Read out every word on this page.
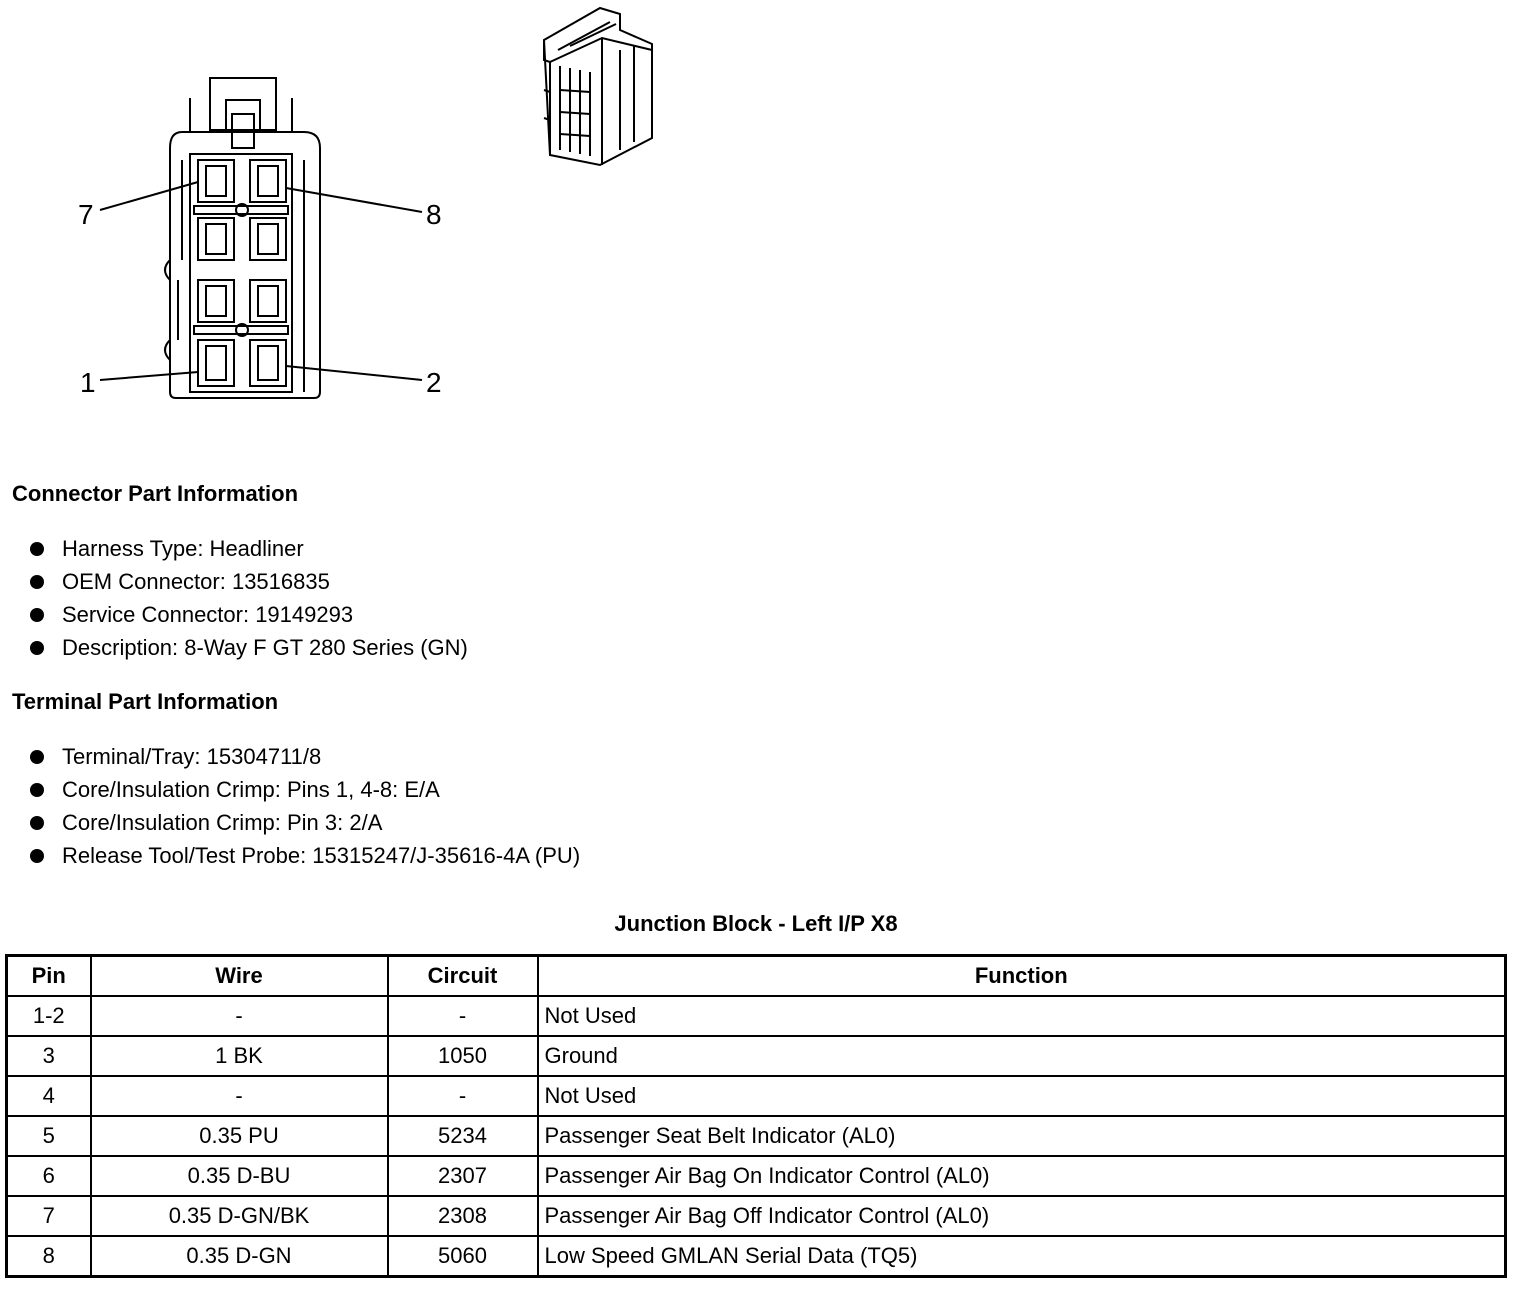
7	8
1	2
Connector Part Information
Harness Type: Headliner
OEM Connector: 13516835
Service Connector: 19149293
Description: 8-Way F GT 280 Series (GN)
Terminal Part Information
Terminal/Tray: 15304711/8
Core/Insulation Crimp: Pins 1, 4-8: E/A
Core/Insulation Crimp: Pin 3: 2/A
Release Tool/Test Probe: 15315247/J-35616-4A (PU)
Junction Block - Left I/P X8
Pin	Wire	Circuit	Function
1-2	-	-	Not Used
3	1 BK	1050	Ground
4	-	-	Not Used
5	0.35 PU	5234	Passenger Seat Belt Indicator (AL0)
6	0.35 D-BU	2307	Passenger Air Bag On Indicator Control (AL0)
7	0.35 D-GN/BK	2308	Passenger Air Bag Off Indicator Control (AL0)
8	0.35 D-GN	5060	Low Speed GMLAN Serial Data (TQ5)
